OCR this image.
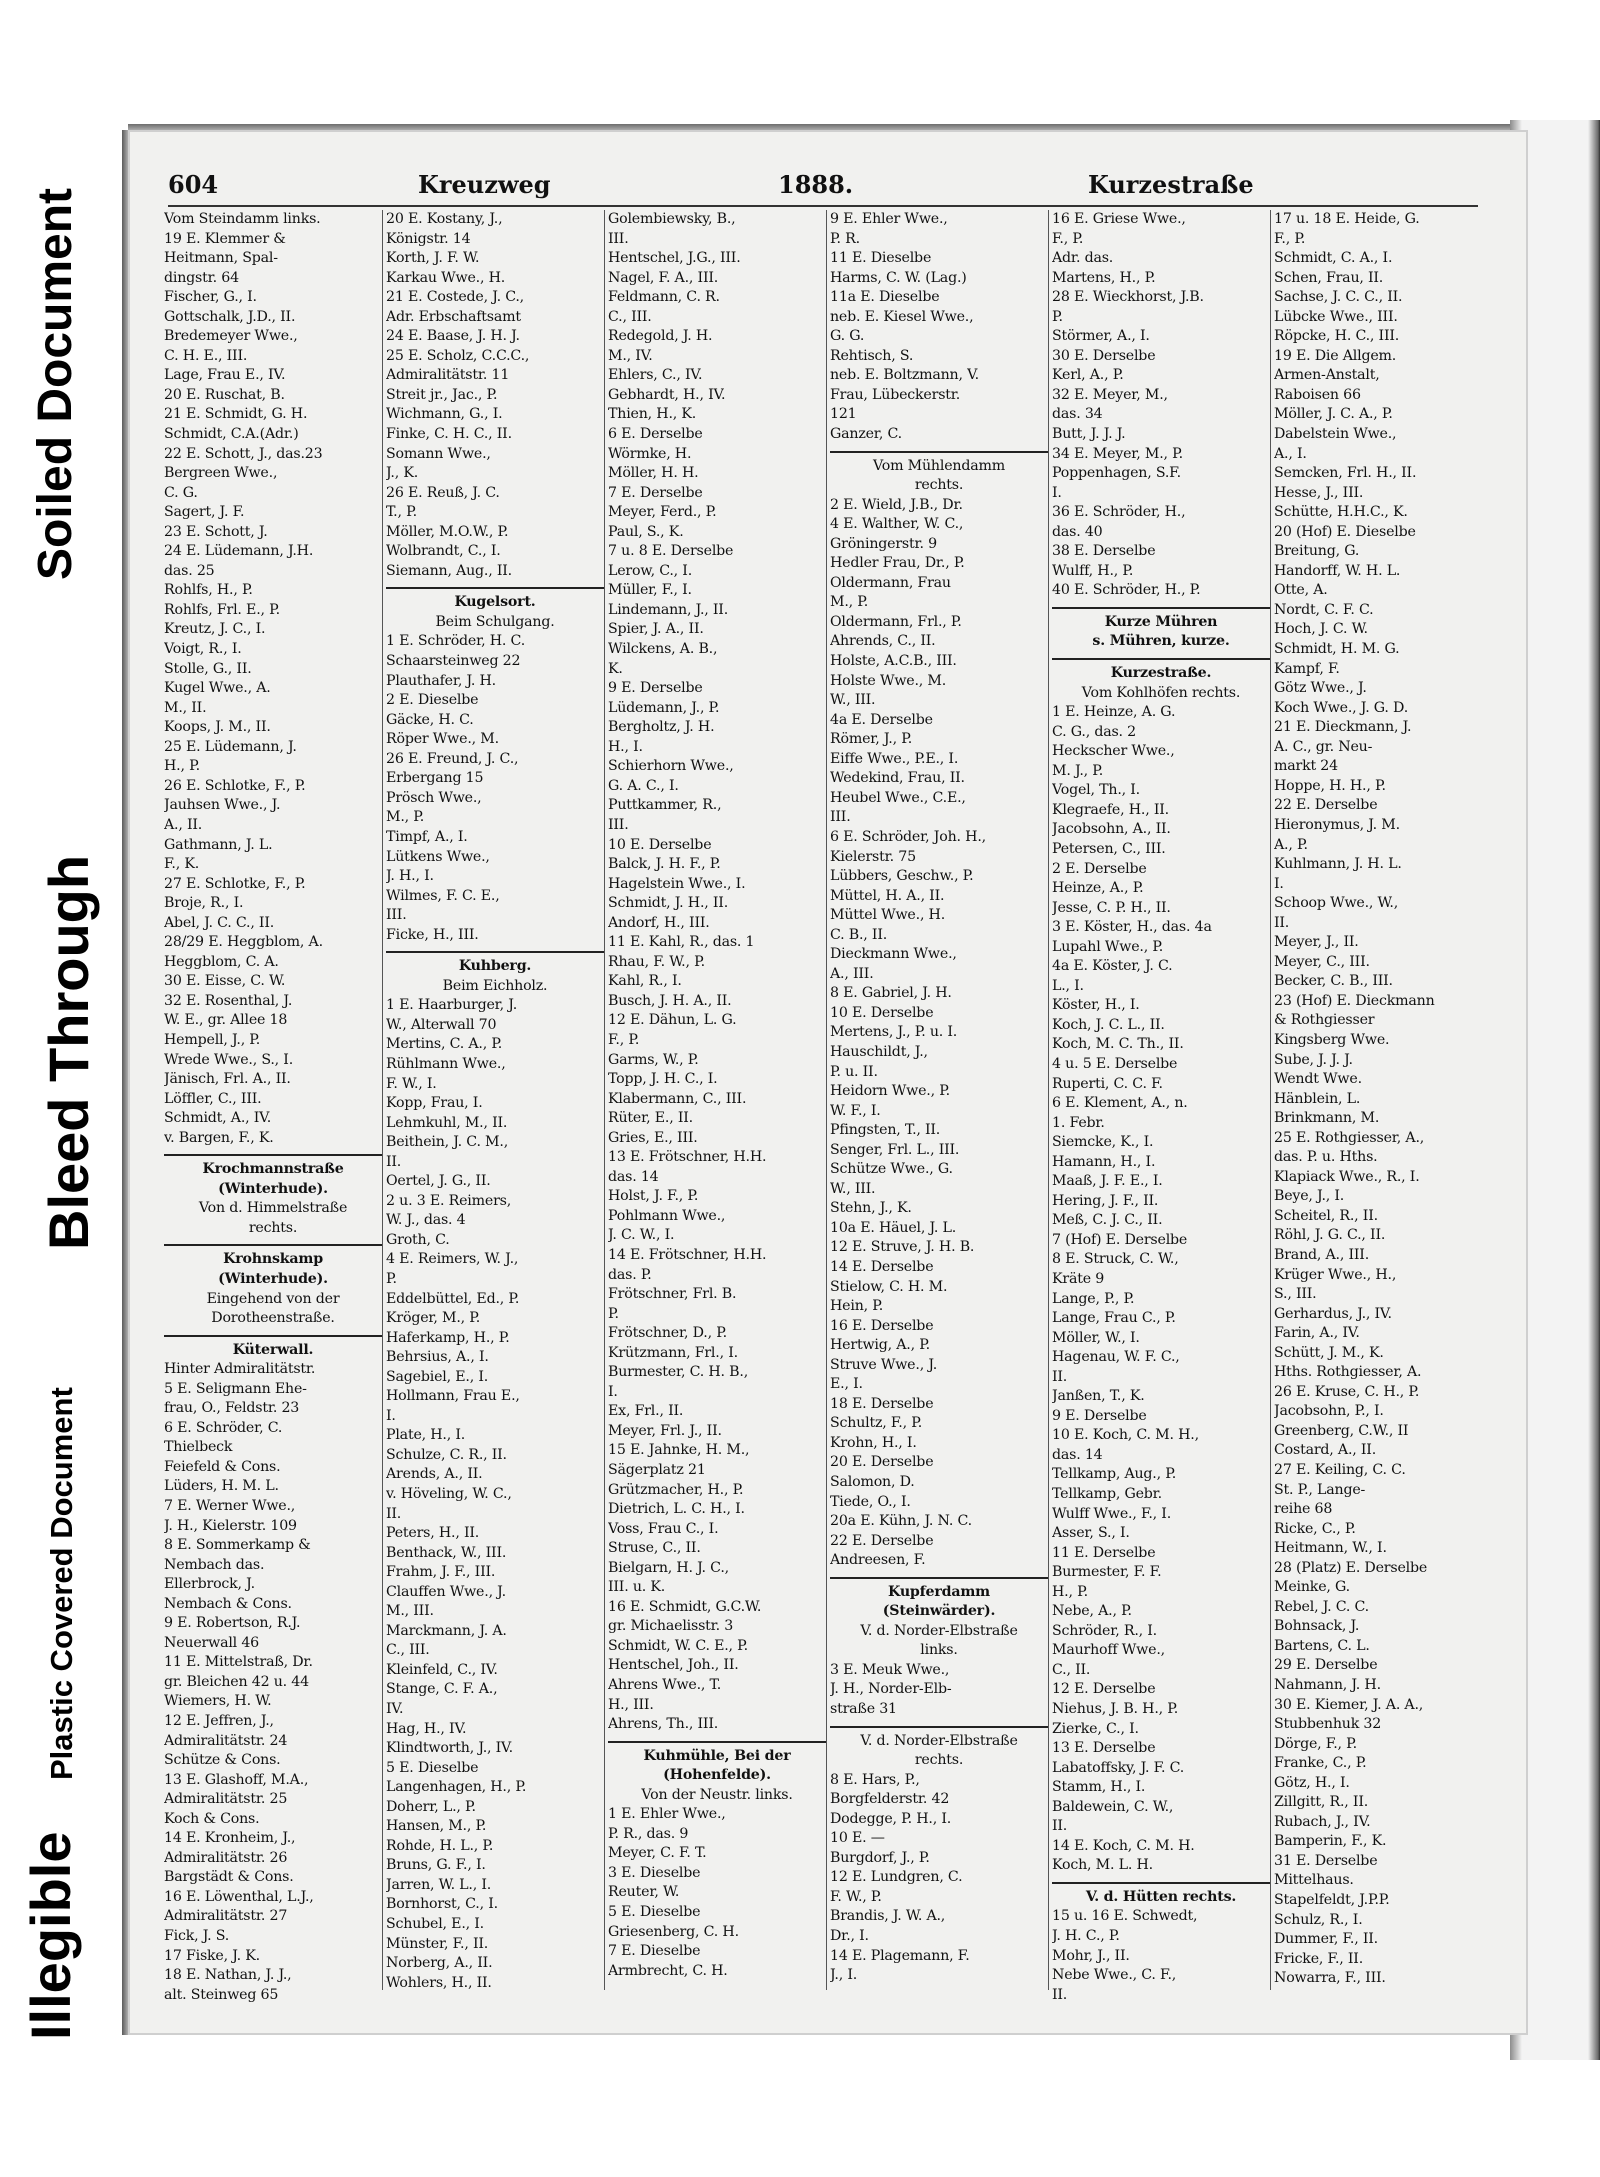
Illegible
Plastic Covered Document
Bleed Through
Soiled Document
604	Kreuzweg	1888.	Kurzestraße
Vom Steindamm links.
19 E. Klemmer &
Heitmann, Spal-
dingstr. 64
Fischer, G., I.
Gottschalk, J.D., II.
Bredemeyer Wwe.,
C. H. E., III.
Lage, Frau E., IV.
20 E. Ruschat, B.
21 E. Schmidt, G. H.
Schmidt, C.A.(Adr.)
22 E. Schott, J., das.23
Bergreen Wwe.,
C. G.
Sagert, J. F.
23 E. Schott, J.
24 E. Lüdemann, J.H.
das. 25
Rohlfs, H., P.
Rohlfs, Frl. E., P.
Kreutz, J. C., I.
Voigt, R., I.
Stolle, G., II.
Kugel Wwe., A.
M., II.
Koops, J. M., II.
25 E. Lüdemann, J.
H., P.
26 E. Schlotke, F., P.
Jauhsen Wwe., J.
A., II.
Gathmann, J. L.
F., K.
27 E. Schlotke, F., P.
Broje, R., I.
Abel, J. C. C., II.
28/29 E. Heggblom, A.
Heggblom, C. A.
30 E. Eisse, C. W.
32 E. Rosenthal, J.
W. E., gr. Allee 18
Hempell, J., P.
Wrede Wwe., S., I.
Jänisch, Frl. A., II.
Löffler, C., III.
Schmidt, A., IV.
v. Bargen, F., K.
Krochmannstraße
(Winterhude).
Von d. Himmelstraße
rechts.
Krohnskamp
(Winterhude).
Eingehend von der
Dorotheenstraße.
Küterwall.
Hinter Admiralitätstr.
5 E. Seligmann Ehe-
frau, O., Feldstr. 23
6 E. Schröder, C.
Thielbeck
Feiefeld & Cons.
Lüders, H. M. L.
7 E. Werner Wwe.,
J. H., Kielerstr. 109
8 E. Sommerkamp &
Nembach das.
Ellerbrock, J.
Nembach & Cons.
9 E. Robertson, R.J.
Neuerwall 46
11 E. Mittelstraß, Dr.
gr. Bleichen 42 u. 44
Wiemers, H. W.
12 E. Jeffren, J.,
Admiralitätstr. 24
Schütze & Cons.
13 E. Glashoff, M.A.,
Admiralitätstr. 25
Koch & Cons.
14 E. Kronheim, J.,
Admiralitätstr. 26
Bargstädt & Cons.
16 E. Löwenthal, L.J.,
Admiralitätstr. 27
Fick, J. S.
17 Fiske, J. K.
18 E. Nathan, J. J.,
alt. Steinweg 65
20 E. Kostany, J.,
Königstr. 14
Korth, J. F. W.
Karkau Wwe., H.
21 E. Costede, J. C.,
Adr. Erbschaftsamt
24 E. Baase, J. H. J.
25 E. Scholz, C.C.C.,
Admiralitätstr. 11
Streit jr., Jac., P.
Wichmann, G., I.
Finke, C. H. C., II.
Somann Wwe.,
J., K.
26 E. Reuß, J. C.
T., P.
Möller, M.O.W., P.
Wolbrandt, C., I.
Siemann, Aug., II.
Kugelsort.
Beim Schulgang.
1 E. Schröder, H. C.
Schaarsteinweg 22
Plauthafer, J. H.
2 E. Dieselbe
Gäcke, H. C.
Röper Wwe., M.
26 E. Freund, J. C.,
Erbergang 15
Prösch Wwe.,
M., P.
Timpf, A., I.
Lütkens Wwe.,
J. H., I.
Wilmes, F. C. E.,
III.
Ficke, H., III.
Kuhberg.
Beim Eichholz.
1 E. Haarburger, J.
W., Alterwall 70
Mertins, C. A., P.
Rühlmann Wwe.,
F. W., I.
Kopp, Frau, I.
Lehmkuhl, M., II.
Beithein, J. C. M.,
II.
Oertel, J. G., II.
2 u. 3 E. Reimers,
W. J., das. 4
Groth, C.
4 E. Reimers, W. J.,
P.
Eddelbüttel, Ed., P.
Kröger, M., P.
Haferkamp, H., P.
Behrsius, A., I.
Sagebiel, E., I.
Hollmann, Frau E.,
I.
Plate, H., I.
Schulze, C. R., II.
Arends, A., II.
v. Höveling, W. C.,
II.
Peters, H., II.
Benthack, W., III.
Frahm, J. F., III.
Clauffen Wwe., J.
M., III.
Marckmann, J. A.
C., III.
Kleinfeld, C., IV.
Stange, C. F. A.,
IV.
Hag, H., IV.
Klindtworth, J., IV.
5 E. Dieselbe
Langenhagen, H., P.
Doherr, L., P.
Hansen, M., P.
Rohde, H. L., P.
Bruns, G. F., I.
Jarren, W. L., I.
Bornhorst, C., I.
Schubel, E., I.
Münster, F., II.
Norberg, A., II.
Wohlers, H., II.
Golembiewsky, B.,
III.
Hentschel, J.G., III.
Nagel, F. A., III.
Feldmann, C. R.
C., III.
Redegold, J. H.
M., IV.
Ehlers, C., IV.
Gebhardt, H., IV.
Thien, H., K.
6 E. Derselbe
Wörmke, H.
Möller, H. H.
7 E. Derselbe
Meyer, Ferd., P.
Paul, S., K.
7 u. 8 E. Derselbe
Lerow, C., I.
Müller, F., I.
Lindemann, J., II.
Spier, J. A., II.
Wilckens, A. B.,
K.
9 E. Derselbe
Lüdemann, J., P.
Bergholtz, J. H.
H., I.
Schierhorn Wwe.,
G. A. C., I.
Puttkammer, R.,
III.
10 E. Derselbe
Balck, J. H. F., P.
Hagelstein Wwe., I.
Schmidt, J. H., II.
Andorf, H., III.
11 E. Kahl, R., das. 1
Rhau, F. W., P.
Kahl, R., I.
Busch, J. H. A., II.
12 E. Dähun, L. G.
F., P.
Garms, W., P.
Topp, J. H. C., I.
Klabermann, C., III.
Rüter, E., II.
Gries, E., III.
13 E. Frötschner, H.H.
das. 14
Holst, J. F., P.
Pohlmann Wwe.,
J. C. W., I.
14 E. Frötschner, H.H.
das. P.
Frötschner, Frl. B.
P.
Frötschner, D., P.
Krützmann, Frl., I.
Burmester, C. H. B.,
I.
Ex, Frl., II.
Meyer, Frl. J., II.
15 E. Jahnke, H. M.,
Sägerplatz 21
Grützmacher, H., P.
Dietrich, L. C. H., I.
Voss, Frau C., I.
Struse, C., II.
Bielgarn, H. J. C.,
III. u. K.
16 E. Schmidt, G.C.W.
gr. Michaelisstr. 3
Schmidt, W. C. E., P.
Hentschel, Joh., II.
Ahrens Wwe., T.
H., III.
Ahrens, Th., III.
Kuhmühle, Bei der
(Hohenfelde).
Von der Neustr. links.
1 E. Ehler Wwe.,
P. R., das. 9
Meyer, C. F. T.
3 E. Dieselbe
Reuter, W.
5 E. Dieselbe
Griesenberg, C. H.
7 E. Dieselbe
Armbrecht, C. H.
9 E. Ehler Wwe.,
P. R.
11 E. Dieselbe
Harms, C. W. (Lag.)
11a E. Dieselbe
neb. E. Kiesel Wwe.,
G. G.
Rehtisch, S.
neb. E. Boltzmann, V.
Frau, Lübeckerstr.
121
Ganzer, C.
Vom Mühlendamm
rechts.
2 E. Wield, J.B., Dr.
4 E. Walther, W. C.,
Gröningerstr. 9
Hedler Frau, Dr., P.
Oldermann, Frau
M., P.
Oldermann, Frl., P.
Ahrends, C., II.
Holste, A.C.B., III.
Holste Wwe., M.
W., III.
4a E. Derselbe
Römer, J., P.
Eiffe Wwe., P.E., I.
Wedekind, Frau, II.
Heubel Wwe., C.E.,
III.
6 E. Schröder, Joh. H.,
Kielerstr. 75
Lübbers, Geschw., P.
Müttel, H. A., II.
Müttel Wwe., H.
C. B., II.
Dieckmann Wwe.,
A., III.
8 E. Gabriel, J. H.
10 E. Derselbe
Mertens, J., P. u. I.
Hauschildt, J.,
P. u. II.
Heidorn Wwe., P.
W. F., I.
Pfingsten, T., II.
Senger, Frl. L., III.
Schütze Wwe., G.
W., III.
Stehn, J., K.
10a E. Häuel, J. L.
12 E. Struve, J. H. B.
14 E. Derselbe
Stielow, C. H. M.
Hein, P.
16 E. Derselbe
Hertwig, A., P.
Struve Wwe., J.
E., I.
18 E. Derselbe
Schultz, F., P.
Krohn, H., I.
20 E. Derselbe
Salomon, D.
Tiede, O., I.
20a E. Kühn, J. N. C.
22 E. Derselbe
Andreesen, F.
Kupferdamm
(Steinwärder).
V. d. Norder-Elbstraße
links.
3 E. Meuk Wwe.,
J. H., Norder-Elb-
straße 31
V. d. Norder-Elbstraße
rechts.
8 E. Hars, P.,
Borgfelderstr. 42
Dodegge, P. H., I.
10 E. —
Burgdorf, J., P.
12 E. Lundgren, C.
F. W., P.
Brandis, J. W. A.,
Dr., I.
14 E. Plagemann, F.
J., I.
16 E. Griese Wwe.,
F., P.
Adr. das.
Martens, H., P.
28 E. Wieckhorst, J.B.
P.
Störmer, A., I.
30 E. Derselbe
Kerl, A., P.
32 E. Meyer, M.,
das. 34
Butt, J. J. J.
34 E. Meyer, M., P.
Poppenhagen, S.F.
I.
36 E. Schröder, H.,
das. 40
38 E. Derselbe
Wulff, H., P.
40 E. Schröder, H., P.
Kurze Mühren
s. Mühren, kurze.
Kurzestraße.
Vom Kohlhöfen rechts.
1 E. Heinze, A. G.
C. G., das. 2
Heckscher Wwe.,
M. J., P.
Vogel, Th., I.
Klegraefe, H., II.
Jacobsohn, A., II.
Petersen, C., III.
2 E. Derselbe
Heinze, A., P.
Jesse, C. P. H., II.
3 E. Köster, H., das. 4a
Lupahl Wwe., P.
4a E. Köster, J. C.
L., I.
Köster, H., I.
Koch, J. C. L., II.
Koch, M. C. Th., II.
4 u. 5 E. Derselbe
Ruperti, C. C. F.
6 E. Klement, A., n.
1. Febr.
Siemcke, K., I.
Hamann, H., I.
Maaß, J. F. E., I.
Hering, J. F., II.
Meß, C. J. C., II.
7 (Hof) E. Derselbe
8 E. Struck, C. W.,
Kräte 9
Lange, P., P.
Lange, Frau C., P.
Möller, W., I.
Hagenau, W. F. C.,
II.
Janßen, T., K.
9 E. Derselbe
10 E. Koch, C. M. H.,
das. 14
Tellkamp, Aug., P.
Tellkamp, Gebr.
Wulff Wwe., F., I.
Asser, S., I.
11 E. Derselbe
Burmester, F. F.
H., P.
Nebe, A., P.
Schröder, R., I.
Maurhoff Wwe.,
C., II.
12 E. Derselbe
Niehus, J. B. H., P.
Zierke, C., I.
13 E. Derselbe
Labatoffsky, J. F. C.
Stamm, H., I.
Baldewein, C. W.,
II.
14 E. Koch, C. M. H.
Koch, M. L. H.
V. d. Hütten rechts.
15 u. 16 E. Schwedt,
J. H. C., P.
Mohr, J., II.
Nebe Wwe., C. F.,
II.
17 u. 18 E. Heide, G.
F., P.
Schmidt, C. A., I.
Schen, Frau, II.
Sachse, J. C. C., II.
Lübcke Wwe., III.
Röpcke, H. C., III.
19 E. Die Allgem.
Armen-Anstalt,
Raboisen 66
Möller, J. C. A., P.
Dabelstein Wwe.,
A., I.
Semcken, Frl. H., II.
Hesse, J., III.
Schütte, H.H.C., K.
20 (Hof) E. Dieselbe
Breitung, G.
Handorff, W. H. L.
Otte, A.
Nordt, C. F. C.
Hoch, J. C. W.
Schmidt, H. M. G.
Kampf, F.
Götz Wwe., J.
Koch Wwe., J. G. D.
21 E. Dieckmann, J.
A. C., gr. Neu-
markt 24
Hoppe, H. H., P.
22 E. Derselbe
Hieronymus, J. M.
A., P.
Kuhlmann, J. H. L.
I.
Schoop Wwe., W.,
II.
Meyer, J., II.
Meyer, C., III.
Becker, C. B., III.
23 (Hof) E. Dieckmann
& Rothgiesser
Kingsberg Wwe.
Sube, J. J. J.
Wendt Wwe.
Hänblein, L.
Brinkmann, M.
25 E. Rothgiesser, A.,
das. P. u. Hths.
Klapiack Wwe., R., I.
Beye, J., I.
Scheitel, R., II.
Röhl, J. G. C., II.
Brand, A., III.
Krüger Wwe., H.,
S., III.
Gerhardus, J., IV.
Farin, A., IV.
Schütt, J. M., K.
Hths. Rothgiesser, A.
26 E. Kruse, C. H., P.
Jacobsohn, P., I.
Greenberg, C.W., II
Costard, A., II.
27 E. Keiling, C. C.
St. P., Lange-
reihe 68
Ricke, C., P.
Heitmann, W., I.
28 (Platz) E. Derselbe
Meinke, G.
Rebel, J. C. C.
Bohnsack, J.
Bartens, C. L.
29 E. Derselbe
Nahmann, J. H.
30 E. Kiemer, J. A. A.,
Stubbenhuk 32
Dörge, F., P.
Franke, C., P.
Götz, H., I.
Zillgitt, R., II.
Rubach, J., IV.
Bamperin, F., K.
31 E. Derselbe
Mittelhaus.
Stapelfeldt, J.P.P.
Schulz, R., I.
Dummer, F., II.
Fricke, F., II.
Nowarra, F., III.
